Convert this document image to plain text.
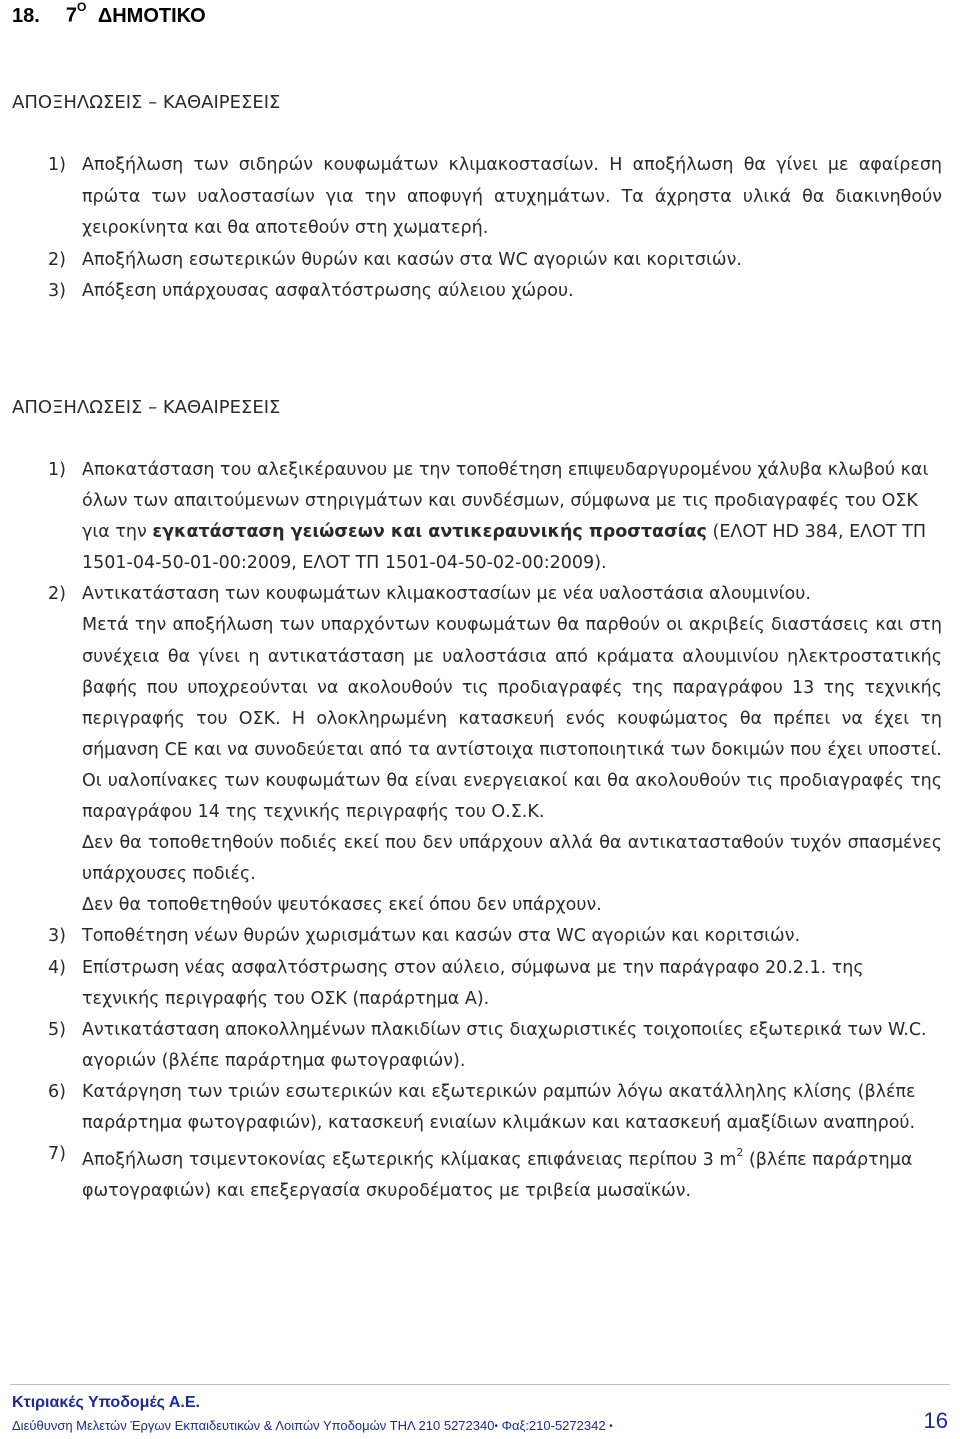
18. $7^O$ ΔΗΜΟΤΙΚΟ
ΑΠΟΞΗΛΩΣΕΙΣ – ΚΑΘΑΙΡΕΣΕΙΣ
1) Αποξήλωση των σιδηρών κουφωμάτων κλιμακοστασίων. Η αποξήλωση θα γίνει με αφαίρεση πρώτα των υαλοστασίων για την αποφυγή ατυχημάτων. Τα άχρηστα υλικά θα διακινηθούν χειροκίνητα και θα αποτεθούν στη χωματερή.

2) Αποξήλωση εσωτερικών θυρών και κασών στα WC αγοριών και κοριτσιών.

3) Απόξεση υπάρχουσας ασφαλτόστρωσης αύλειου χώρου.

ΑΠΟΞΗΛΩΣΕΙΣ – ΚΑΘΑΙΡΕΣΕΙΣ
1) Αποκατάσταση του αλεξικέραυνου με την τοποθέτηση επιψευδαργυρομένου χάλυβα κλωβού και όλων των απαιτούμενων στηριγμάτων και συνδέσμων, σύμφωνα με τις προδιαγραφές του ΟΣΚ για την εγκατάσταση γειώσεων και αντικεραυνικής προστασίας (ΕΛΟΤ HD 384, ΕΛΟΤ ΤΠ 1501-04-50-01-00:2009, ΕΛΟΤ ΤΠ 1501-04-50-02-00:2009).

2) Αντικατάσταση των κουφωμάτων κλιμακοστασίων με νέα υαλοστάσια αλουμινίου.

Μετά την αποξήλωση των υπαρχόντων κουφωμάτων θα παρθούν οι ακριβείς διαστάσεις και στη συνέχεια θα γίνει η αντικατάσταση με υαλοστάσια από κράματα αλουμινίου ηλεκτροστατικής βαφής που υποχρεούνται να ακολουθούν τις προδιαγραφές της παραγράφου 13 της τεχνικής περιγραφής του ΟΣΚ. Η ολοκληρωμένη κατασκευή ενός κουφώματος θα πρέπει να έχει τη σήμανση CE και να συνοδεύεται από τα αντίστοιχα πιστοποιητικά των δοκιμών που έχει υποστεί. Οι υαλοπίνακες των κουφωμάτων θα είναι ενεργειακοί και θα ακολουθούν τις προδιαγραφές της παραγράφου 14 της τεχνικής περιγραφής του Ο.Σ.Κ.

Δεν θα τοποθετηθούν ποδιές εκεί που δεν υπάρχουν αλλά θα αντικατασταθούν τυχόν σπασμένες υπάρχουσες ποδιές.

Δεν θα τοποθετηθούν ψευτόκασες εκεί όπου δεν υπάρχουν.

3) Τοποθέτηση νέων θυρών χωρισμάτων και κασών στα WC αγοριών και κοριτσιών.

4) Επίστρωση νέας ασφαλτόστρωσης στον αύλειο, σύμφωνα με την παράγραφο 20.2.1. της τεχνικής περιγραφής του ΟΣΚ (παράρτημα Α).

5) Αντικατάσταση αποκολλημένων πλακιδίων στις διαχωριστικές τοιχοποιίες εξωτερικά των W.C. αγοριών (βλέπε παράρτημα φωτογραφιών).

6) Κατάργηση των τριών εσωτερικών και εξωτερικών ραμπών λόγω ακατάλληλης κλίσης (βλέπε παράρτημα φωτογραφιών), κατασκευή ενιαίων κλιμάκων και κατασκευή αμαξίδιων αναπηρού.

7) Αποξήλωση τσιμεντοκονίας εξωτερικής κλίμακας επιφάνειας περίπου 3 $m^2$ (βλέπε παράρτημα φωτογραφιών) και επεξεργασία σκυροδέματος με τριβεία μωσαϊκών.

Κτιριακές Υποδομές Α.Ε.
Διεύθυνση Μελετών Έργων Εκπαιδευτικών & Λοιπών Υποδομών ΤΗΛ 210 5272340• Φαξ:210-5272342 •	16
